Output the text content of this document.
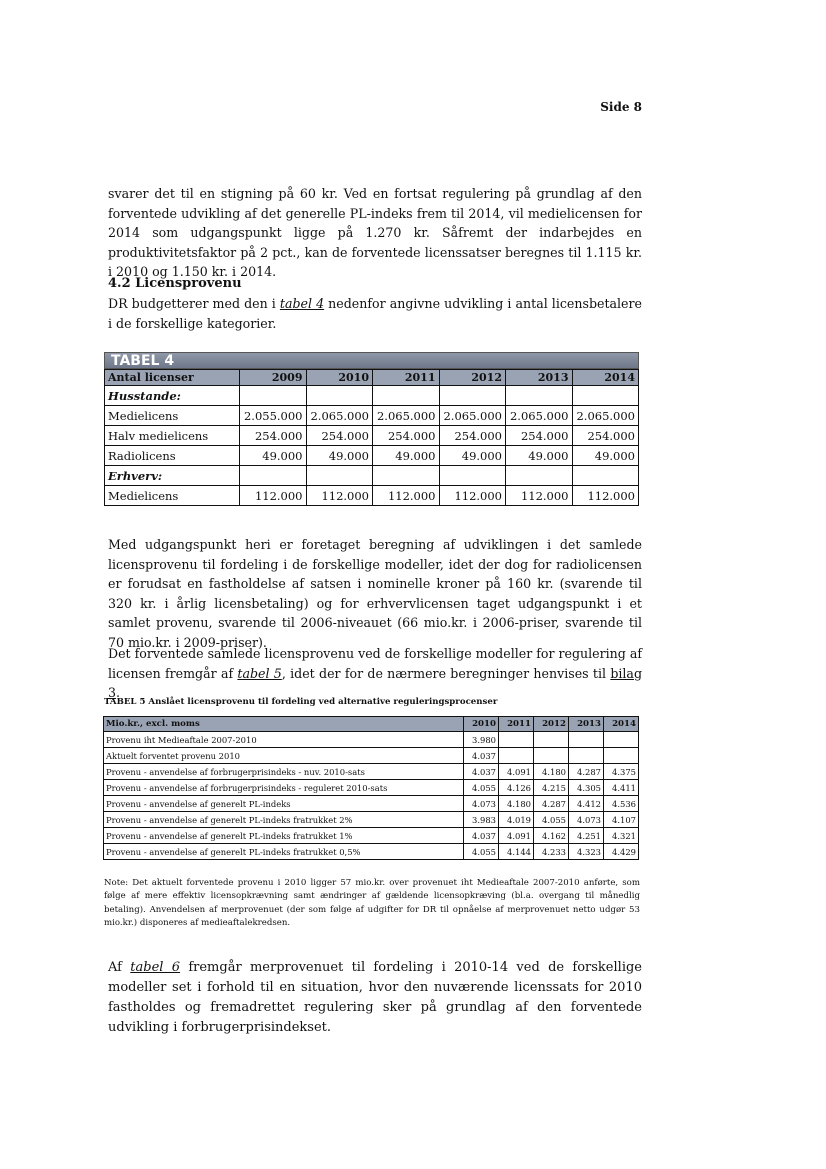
Side 8
svarer det til en stigning på 60 kr. Ved en fortsat regulering på grundlag af den forventede udvikling af det generelle PL-indeks frem til 2014, vil medielicensen for 2014 som udgangspunkt ligge på 1.270 kr. Såfremt der indarbejdes en produktivitetsfaktor på 2 pct., kan de forventede licenssatser beregnes til 1.115 kr. i 2010 og 1.150 kr. i 2014.
4.2 Licensprovenu
DR budgetterer med den i tabel 4 nedenfor angivne udvikling i antal licensbetalere i de forskellige kategorier.
TABEL 4
Antal licenser	2009	2010	2011	2012	2013	2014
Husstande:						
Medielicens	2.055.000	2.065.000	2.065.000	2.065.000	2.065.000	2.065.000
Halv medielicens	254.000	254.000	254.000	254.000	254.000	254.000
Radiolicens	49.000	49.000	49.000	49.000	49.000	49.000
Erhverv:						
Medielicens	112.000	112.000	112.000	112.000	112.000	112.000
Med udgangspunkt heri er foretaget beregning af udviklingen i det samlede licensprovenu til fordeling i de forskellige modeller, idet der dog for radiolicensen er forudsat en fastholdelse af satsen i nominelle kroner på 160 kr. (svarende til 320 kr. i årlig licensbetaling) og for erhvervlicensen taget udgangspunkt i et samlet provenu, svarende til 2006-niveauet (66 mio.kr. i 2006-priser, svarende til 70 mio.kr. i 2009-priser).
Det forventede samlede licensprovenu ved de forskellige modeller for regulering af licensen fremgår af tabel 5, idet der for de nærmere beregninger henvises til bilag 3.
TABEL 5 Anslået licensprovenu til fordeling ved alternative reguleringsprocenser
Mio.kr., excl. moms	2010	2011	2012	2013	2014
Provenu iht Medieaftale 2007-2010	3.980				
Aktuelt forventet provenu 2010	4.037				
Provenu - anvendelse af forbrugerprisindeks - nuv. 2010-sats	4.037	4.091	4.180	4.287	4.375
Provenu - anvendelse af forbrugerprisindeks - reguleret 2010-sats	4.055	4.126	4.215	4.305	4.411
Provenu - anvendelse af generelt PL-indeks	4.073	4.180	4.287	4.412	4.536
Provenu - anvendelse af generelt PL-indeks fratrukket 2%	3.983	4.019	4.055	4.073	4.107
Provenu - anvendelse af generelt PL-indeks fratrukket 1%	4.037	4.091	4.162	4.251	4.321
Provenu - anvendelse af generelt PL-indeks fratrukket 0,5%	4.055	4.144	4.233	4.323	4.429
Note: Det aktuelt forventede provenu i 2010 ligger 57 mio.kr. over provenuet iht Medieaftale 2007-2010 anførte, som følge af mere effektiv licensopkrævning samt ændringer af gældende licensopkræving (bl.a. overgang til månedlig betaling). Anvendelsen af merprovenuet (der som følge af udgifter for DR til opnåelse af merprovenuet netto udgør 53 mio.kr.) disponeres af medieaftalekredsen.
Af tabel 6 fremgår merprovenuet til fordeling i 2010-14 ved de forskellige modeller set i forhold til en situation, hvor den nuværende licenssats for 2010 fastholdes og fremadrettet regulering sker på grundlag af den forventede udvikling i forbrugerprisindekset.
